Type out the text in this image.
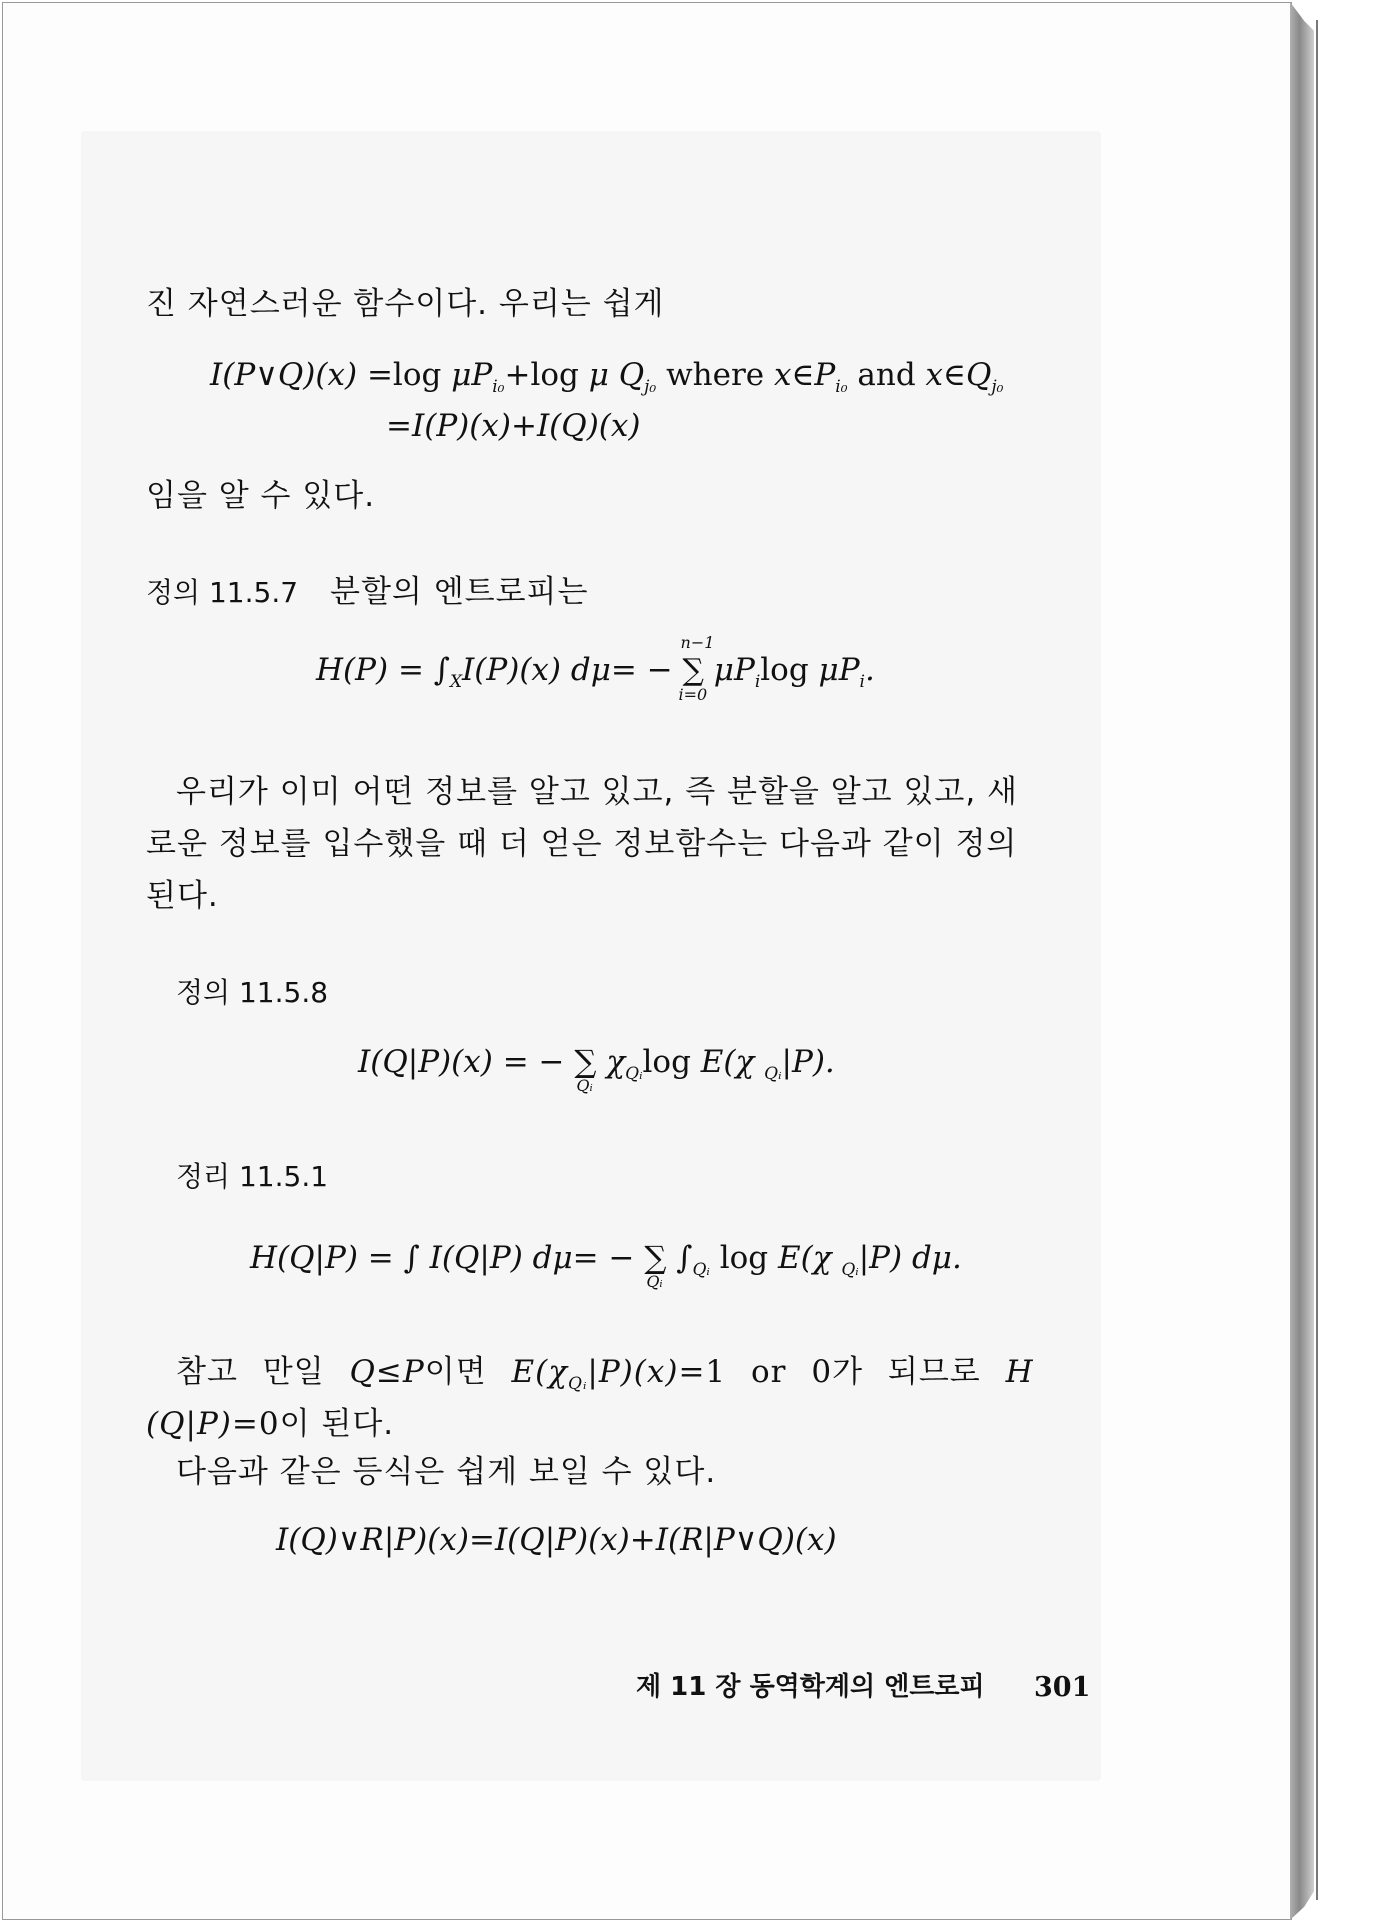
진 자연스러운 함수이다. 우리는 쉽게
I(P∨Q)(x) =log $\mu P_{i_0}+\log$ μ $Q_{j_0}$ where $x\in P_{i_0}$ and $x\in Q_{j_0}$
=I(P)(x)+I(Q)(x)
임을 알 수 있다.
정의 11.5.7 분할의 엔트로피는
$H(P) = \int_XI(P)(x) d\mu=$ − ∑
n−1
i=0
$\mu P_i\log$ $\mu P_i$.
우리가 이미 어떤 정보를 알고 있고, 즉 분할을 알고 있고, 새
로운 정보를 입수했을 때 더 얻은 정보함수는 다음과 같이 정의
된다.
정의 11.5.8
I(Q|P)(x) = − ∑
Qᵢ
$\chi_{Qᵢ}\log$ E(χ $_{Qᵢ}$|P).
정리 11.5.1
H(Q|P) = ∫ I(Q|P) dμ= − ∑
Qᵢ
$\int_{Qᵢ}$ log E(χ $_{Qᵢ}$|P) dμ.
참고 만일 Q≤P이면 $E(\chi_{Qᵢ}|P)(x)=1$ or 0가 되므로 H
(Q|P)=0이 된다.
다음과 같은 등식은 쉽게 보일 수 있다.
I(Q)∨R|P)(x)=I(Q|P)(x)+I(R|P∨Q)(x)
제 11 장 동역학계의 엔트로피 301
